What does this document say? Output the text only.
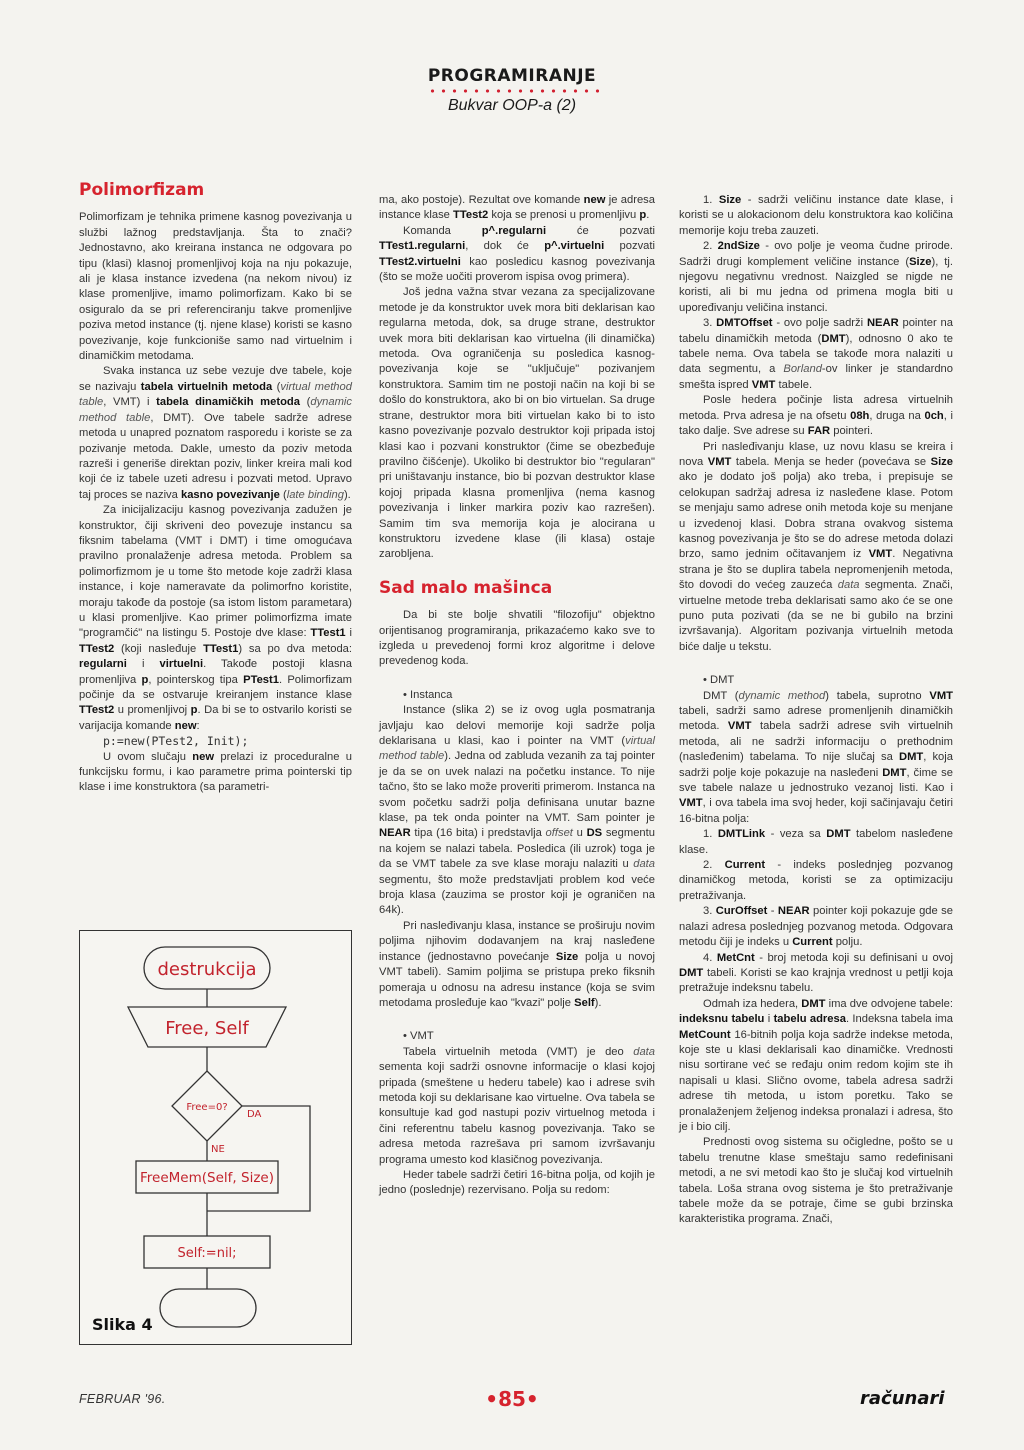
PROGRAMIRANJE
Bukvar OOP-a (2)
Polimorfizam

Polimorfizam je tehnika primene kasnog povezivanja u službi lažnog predstavljanja. Šta to znači? Jednostavno, ako kreirana instanca ne odgovara po tipu (klasi) klasnoj promenljivoj koja na nju pokazuje, ali je klasa instance izvedena (na nekom nivou) iz klase promenljive, imamo polimorfizam. Kako bi se osiguralo da se pri referenciranju takve promenljive poziva metod instance (tj. njene klase) koristi se kasno povezivanje, koje funkcioniše samo nad virtuelnim i dinamičkim metodama.

Svaka instanca uz sebe vezuje dve tabele, koje se nazivaju tabela virtuelnih metoda (virtual method table, VMT) i tabela dinamičkih metoda (dynamic method table, DMT). Ove tabele sadrže adrese metoda u unapred poznatom rasporedu i koriste se za pozivanje metoda. Dakle, umesto da poziv metoda razreši i generiše direktan poziv, linker kreira mali kod koji će iz tabele uzeti adresu i pozvati metod. Upravo taj proces se naziva kasno povezivanje (late binding).

Za inicijalizaciju kasnog povezivanja zadužen je konstruktor, čiji skriveni deo povezuje instancu sa fiksnim tabelama (VMT i DMT) i time omogućava pravilno pronalaženje adresa metoda. Problem sa polimorfizmom je u tome što metode koje zadrži klasa instance, i koje nameravate da polimorfno koristite, moraju takođe da postoje (sa istom listom parametara) u klasi promenljive. Kao primer polimorfizma imate "programčić" na listingu 5. Postoje dve klase: TTest1 i TTest2 (koji nasleđuje TTest1) sa po dva metoda: regularni i virtuelni. Takođe postoji klasna promenljiva p, pointerskog tipa PTest1. Polimorfizam počinje da se ostvaruje kreiranjem instance klase TTest2 u promenljivoj p. Da bi se to ostvarilo koristi se varijacija komande new:

p:=new(PTest2, Init);

U ovom slučaju new prelazi iz proceduralne u funkcijsku formu, i kao parametre prima pointerski tip klase i ime konstruktora (sa parametri-

destrukcija
Free, Self
Free=0?
DA
NE
FreeMem(Self, Size)
Self:=nil;
Slika 4

ma, ako postoje). Rezultat ove komande new je adresa instance klase TTest2 koja se prenosi u promenljivu p.

Komanda p^.regularni će pozvati TTest1.regularni, dok će p^.virtuelni pozvati TTest2.virtuelni kao posledicu kasnog povezivanja (što se može uočiti proverom ispisa ovog primera).

Još jedna važna stvar vezana za specijalizovane metode je da konstruktor uvek mora biti deklarisan kao regularna metoda, dok, sa druge strane, destruktor uvek mora biti deklarisan kao virtuelna (ili dinamička) metoda. Ova ograničenja su posledica kasnog-povezivanja koje se "uključuje" pozivanjem konstruktora. Samim tim ne postoji način na koji bi se došlo do konstruktora, ako bi on bio virtuelan. Sa druge strane, destruktor mora biti virtuelan kako bi to isto kasno povezivanje pozvalo destruktor koji pripada istoj klasi kao i pozvani konstruktor (čime se obezbeđuje pravilno čišćenje). Ukoliko bi destruktor bio "regularan" pri uništavanju instance, bio bi pozvan destruktor klase kojoj pripada klasna promenljiva (nema kasnog povezivanja i linker markira poziv kao razrešen). Samim tim sva memorija koja je alocirana u konstruktoru izvedene klase (ili klasa) ostaje zarobljena.

Sad malo mašinca

Da bi ste bolje shvatili "filozofiju" objektno orijentisanog programiranja, prikazaćemo kako sve to izgleda u prevedenoj formi kroz algoritme i delove prevedenog koda.

• Instanca

Instance (slika 2) se iz ovog ugla posmatranja javljaju kao delovi memorije koji sadrže polja deklarisana u klasi, kao i pointer na VMT (virtual method table). Jedna od zabluda vezanih za taj pointer je da se on uvek nalazi na početku instance. To nije tačno, što se lako može proveriti primerom. Instanca na svom početku sadrži polja definisana unutar bazne klase, pa tek onda pointer na VMT. Sam pointer je NEAR tipa (16 bita) i predstavlja offset u DS segmentu na kojem se nalazi tabela. Posledica (ili uzrok) toga je da se VMT tabele za sve klase moraju nalaziti u data segmentu, što može predstavljati problem kod veće broja klasa (zauzima se prostor koji je ograničen na 64k).

Pri nasleđivanju klasa, instance se proširuju novim poljima njihovim dodavanjem na kraj nasleđene instance (jednostavno povećanje Size polja u novoj VMT tabeli). Samim poljima se pristupa preko fiksnih pomeraja u odnosu na adresu instance (koja se svim metodama prosleđuje kao "kvazi" polje Self).

• VMT

Tabela virtuelnih metoda (VMT) je deo data sementa koji sadrži osnovne informacije o klasi kojoj pripada (smeštene u hederu tabele) kao i adrese svih metoda koji su deklarisane kao virtuelne. Ova tabela se konsultuje kad god nastupi poziv virtuelnog metoda i čini referentnu tabelu kasnog povezivanja. Tako se adresa metoda razrešava pri samom izvršavanju programa umesto kod klasičnog povezivanja.

Heder tabele sadrži četiri 16-bitna polja, od kojih je jedno (poslednje) rezervisano. Polja su redom:

1. Size - sadrži veličinu instance date klase, i koristi se u alokacionom delu konstruktora kao količina memorije koju treba zauzeti.

2. 2ndSize - ovo polje je veoma čudne prirode. Sadrži drugi komplement veličine instance (Size), tj. njegovu negativnu vrednost. Naizgled se nigde ne koristi, ali bi mu jedna od primena mogla biti u upoređivanju veličina instanci.

3. DMTOffset - ovo polje sadrži NEAR pointer na tabelu dinamičkih metoda (DMT), odnosno 0 ako te tabele nema. Ova tabela se takođe mora nalaziti u data segmentu, a Borland-ov linker je standardno smešta ispred VMT tabele.

Posle hedera počinje lista adresa virtuelnih metoda. Prva adresa je na ofsetu 08h, druga na 0ch, i tako dalje. Sve adrese su FAR pointeri.

Pri nasleđivanju klase, uz novu klasu se kreira i nova VMT tabela. Menja se heder (povećava se Size ako je dodato još polja) ako treba, i prepisuje se celokupan sadržaj adresa iz nasleđene klase. Potom se menjaju samo adrese onih metoda koje su menjane u izvedenoj klasi. Dobra strana ovakvog sistema kasnog povezivanja je što se do adrese metoda dolazi brzo, samo jednim očitavanjem iz VMT. Negativna strana je što se duplira tabela nepromenjenih metoda, što dovodi do većeg zauzeća data segmenta. Znači, virtuelne metode treba deklarisati samo ako će se one puno puta pozivati (da se ne bi gubilo na brzini izvršavanja). Algoritam pozivanja virtuelnih metoda biće dalje u tekstu.

• DMT

DMT (dynamic method) tabela, suprotno VMT tabeli, sadrži samo adrese promenljenih dinamičkih metoda. VMT tabela sadrži adrese svih virtuelnih metoda, ali ne sadrži informaciju o prethodnim (nasleđenim) tabelama. To nije slučaj sa DMT, koja sadrži polje koje pokazuje na nasleđeni DMT, čime se sve tabele nalaze u jednostruko vezanoj listi. Kao i VMT, i ova tabela ima svoj heder, koji sačinjavaju četiri 16-bitna polja:

1. DMTLink - veza sa DMT tabelom nasleđene klase.

2. Current - indeks poslednjeg pozvanog dinamičkog metoda, koristi se za optimizaciju pretraživanja.

3. CurOffset - NEAR pointer koji pokazuje gde se nalazi adresa poslednjeg pozvanog metoda. Odgovara metodu čiji je indeks u Current polju.

4. MetCnt - broj metoda koji su definisani u ovoj DMT tabeli. Koristi se kao krajnja vrednost u petlji koja pretražuje indeksnu tabelu.

Odmah iza hedera, DMT ima dve odvojene tabele: indeksnu tabelu i tabelu adresa. Indeksna tabela ima MetCount 16-bitnih polja koja sadrže indekse metoda, koje ste u klasi deklarisali kao dinamičke. Vrednosti nisu sortirane već se ređaju onim redom kojim ste ih napisali u klasi. Slično ovome, tabela adresa sadrži adrese tih metoda, u istom poretku. Tako se pronalaženjem željenog indeksa pronalazi i adresa, što je i bio cilj.

Prednosti ovog sistema su očigledne, pošto se u tabelu trenutne klase smeštaju samo redefinisani metodi, a ne svi metodi kao što je slučaj kod virtuelnih tabela. Loša strana ovog sistema je što pretraživanje tabele može da se potraje, čime se gubi brzinska karakteristika programa. Znači,

FEBRUAR '96.	•85•	računari
